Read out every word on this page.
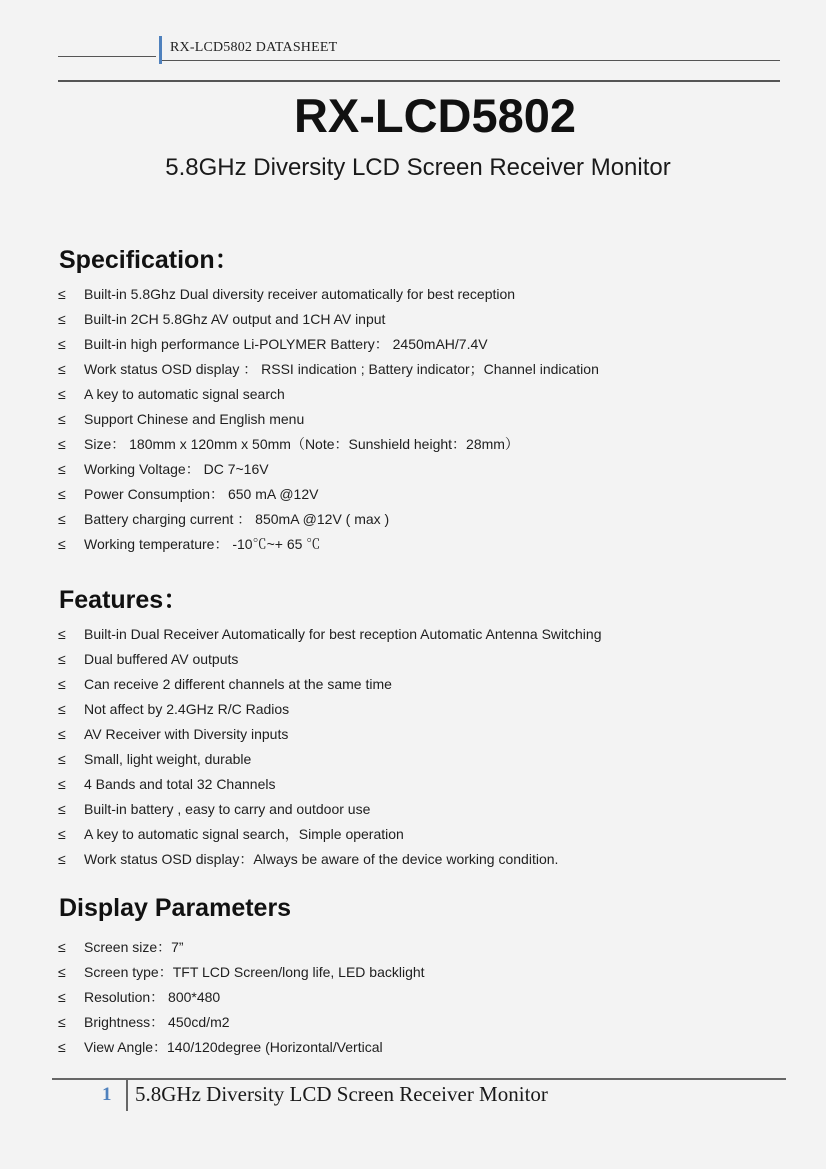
RX-LCD5802 DATASHEET
RX-LCD5802
5.8GHz Diversity LCD Screen Receiver Monitor
Specification：
≤	Built-in 5.8Ghz Dual diversity receiver automatically for best reception
≤	Built-in 2CH 5.8Ghz AV output and 1CH AV input
≤	Built-in high performance Li-POLYMER Battery： 2450mAH/7.4V
≤	Work status OSD display ： RSSI indication ; Battery indicator；Channel indication
≤	A key to automatic signal search
≤	Support Chinese and English menu
≤	Size： 180mm x 120mm x 50mm（Note：Sunshield height：28mm）
≤	Working Voltage： DC 7~16V
≤	Power Consumption： 650 mA @12V
≤	Battery charging current ： 850mA @12V ( max )
≤	Working temperature： -10℃~+ 65 ℃
Features：
≤	Built-in Dual Receiver Automatically for best reception Automatic Antenna Switching
≤	Dual buffered AV outputs
≤	Can receive 2 different channels at the same time
≤	Not affect by 2.4GHz R/C Radios
≤	AV Receiver with Diversity inputs
≤	Small, light weight, durable
≤	4 Bands and total 32 Channels
≤	Built-in battery , easy to carry and outdoor use
≤	A key to automatic signal search，Simple operation
≤	Work status OSD display：Always be aware of the device working condition.
Display Parameters
≤	Screen size：7”
≤	Screen type：TFT LCD Screen/long life, LED backlight
≤	Resolution： 800*480
≤	Brightness： 450cd/m2
≤	View Angle：140/120degree (Horizontal/Vertical
1 5.8GHz Diversity LCD Screen Receiver Monitor
